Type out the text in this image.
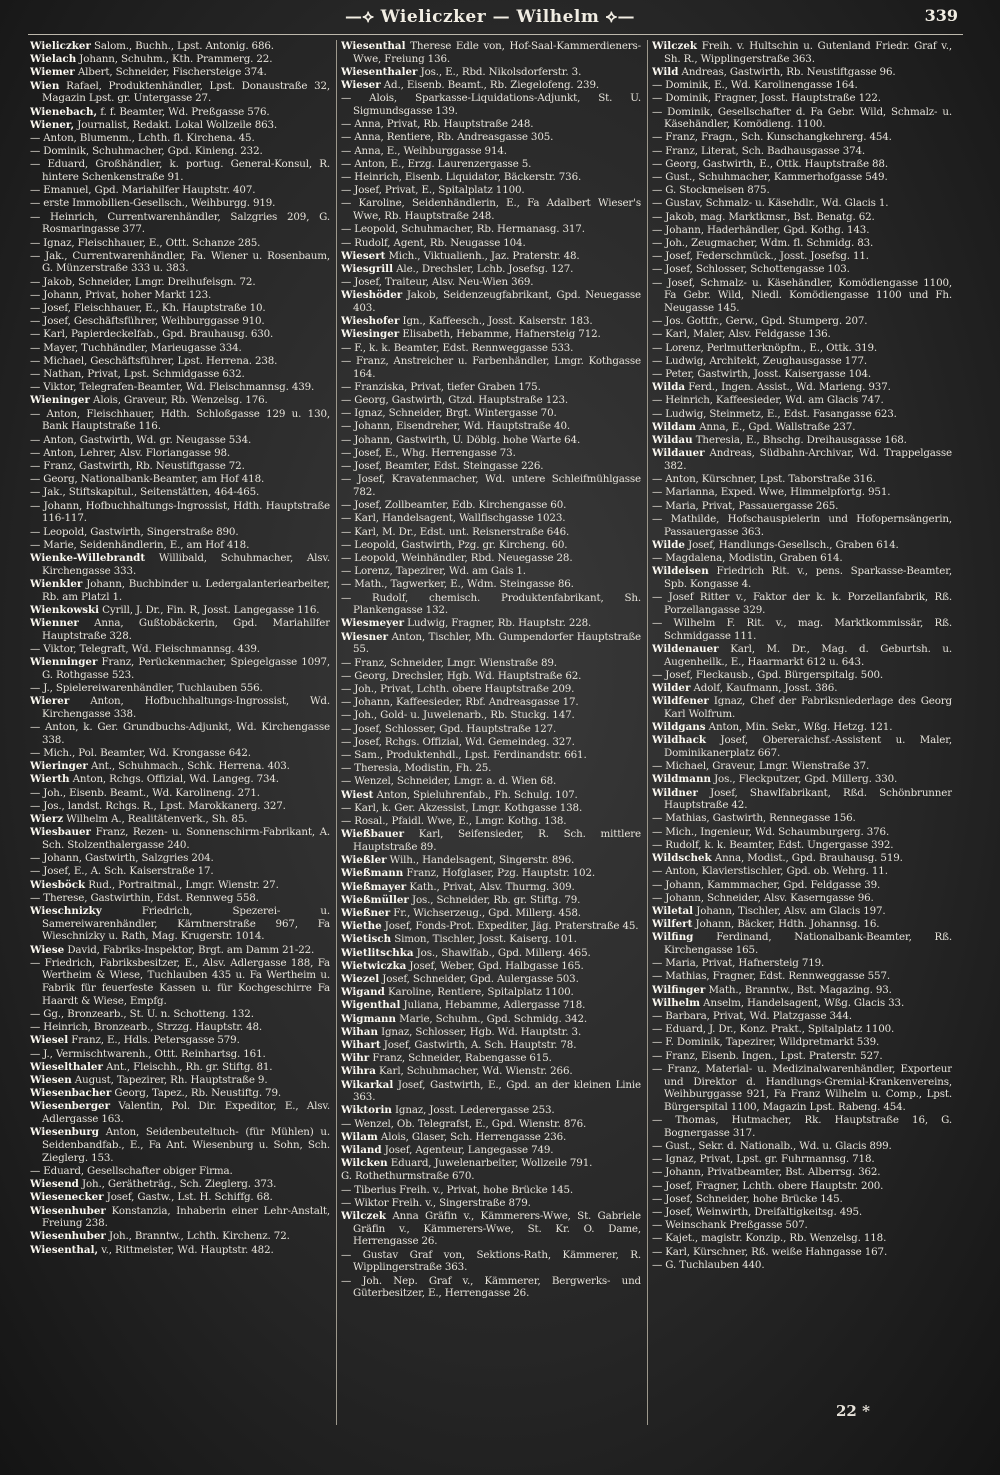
—⟡ Wieliczker — Wilhelm ⟡—	339
Wieliczker Salom., Buchh., Lpst. Antonig. 686.
Wielach Johann, Schuhm., Kth. Prammerg. 22.
Wiemer Albert, Schneider, Fischersteige 374.
Wien Rafael, Produktenhändler, Lpst. Donaustraße 32, Magazin Lpst. gr. Untergasse 27.
Wienebach, f. f. Beamter, Wd. Preßgasse 576.
Wiener, Journalist, Redakt. Lokal Wollzeile 863.
— Anton, Blumenm., Lchth. fl. Kirchena. 45.
— Dominik, Schuhmacher, Gpd. Kinieng. 232.
— Eduard, Großhändler, k. portug. General-Konsul, R. hintere Schenkenstraße 91.
— Emanuel, Gpd. Mariahilfer Hauptstr. 407.
— erste Immobilien-Gesellsch., Weihburgg. 919.
— Heinrich, Currentwarenhändler, Salzgries 209, G. Rosmaringasse 377.
— Ignaz, Fleischhauer, E., Ottt. Schanze 285.
— Jak., Currentwarenhändler, Fa. Wiener u. Rosenbaum, G. Münzerstraße 333 u. 383.
— Jakob, Schneider, Lmgr. Dreihufeisgn. 72.
— Johann, Privat, hoher Markt 123.
— Josef, Fleischhauer, E., Kh. Hauptstraße 10.
— Josef, Geschäftsführer, Weihburggasse 910.
— Karl, Papierdeckelfab., Gpd. Brauhausg. 630.
— Mayer, Tuchhändler, Marieugasse 334.
— Michael, Geschäftsführer, Lpst. Herrena. 238.
— Nathan, Privat, Lpst. Schmidgasse 632.
— Viktor, Telegrafen-Beamter, Wd. Fleischmannsg. 439.
Wieninger Alois, Graveur, Rb. Wenzelsg. 176.
— Anton, Fleischhauer, Hdth. Schloßgasse 129 u. 130, Bank Hauptstraße 116.
— Anton, Gastwirth, Wd. gr. Neugasse 534.
— Anton, Lehrer, Alsv. Floriangasse 98.
— Franz, Gastwirth, Rb. Neustiftgasse 72.
— Georg, Nationalbank-Beamter, am Hof 418.
— Jak., Stiftskapitul., Seitenstätten, 464-465.
— Johann, Hofbuchhaltungs-Ingrossist, Hdth. Hauptstraße 116-117.
— Leopold, Gastwirth, Singerstraße 890.
— Marie, Seidenhändlerin, E., am Hof 418.
Wienke-Willebrandt Willibald, Schuhmacher, Alsv. Kirchengasse 333.
Wienkler Johann, Buchbinder u. Ledergalanteriearbeiter, Rb. am Platzl 1.
Wienkowski Cyrill, J. Dr., Fin. R, Josst. Langegasse 116.
Wienner Anna, Gußtobäckerin, Gpd. Mariahilfer Hauptstraße 328.
— Viktor, Telegraft, Wd. Fleischmannsg. 439.
Wienninger Franz, Perückenmacher, Spiegelgasse 1097, G. Rothgasse 523.
— J., Spielereiwarenhändler, Tuchlauben 556.
Wierer Anton, Hofbuchhaltungs-Ingrossist, Wd. Kirchengasse 338.
— Anton, k. Ger. Grundbuchs-Adjunkt, Wd. Kirchengasse 338.
— Mich., Pol. Beamter, Wd. Krongasse 642.
Wieringer Ant., Schuhmach., Schk. Herrena. 403.
Wierth Anton, Rchgs. Offizial, Wd. Langeg. 734.
— Joh., Eisenb. Beamt., Wd. Karolineng. 271.
— Jos., landst. Rchgs. R., Lpst. Marokkanerg. 327.
Wierz Wilhelm A., Realitätenverk., Sh. 85.
Wiesbauer Franz, Rezen- u. Sonnenschirm-Fabrikant, A. Sch. Stolzenthalergasse 240.
— Johann, Gastwirth, Salzgries 204.
— Josef, E., A. Sch. Kaiserstraße 17.
Wiesböck Rud., Portraitmal., Lmgr. Wienstr. 27.
— Therese, Gastwirthin, Edst. Rennweg 558.
Wieschnizky Friedrich, Spezerei- u. Samereiwarenhändler, Kärntnerstraße 967, Fa Wieschnizky u. Rath, Mag. Krugerstr. 1014.
Wiese David, Fabriks-Inspektor, Brgt. am Damm 21-22.
— Friedrich, Fabriksbesitzer, E., Alsv. Adlergasse 188, Fa Wertheim & Wiese, Tuchlauben 435 u. Fa Wertheim u. Fabrik für feuerfeste Kassen u. für Kochgeschirre Fa Haardt & Wiese, Empfg.
— Gg., Bronzearb., St. U. n. Schotteng. 132.
— Heinrich, Bronzearb., Strzzg. Hauptstr. 48.
Wiesel Franz, E., Hdls. Petersgasse 579.
— J., Vermischtwarenh., Ottt. Reinhartsg. 161.
Wieselthaler Ant., Fleischh., Rh. gr. Stiftg. 81.
Wiesen August, Tapezirer, Rh. Hauptstraße 9.
Wiesenbacher Georg, Tapez., Rb. Neustiftg. 79.
Wiesenberger Valentin, Pol. Dir. Expeditor, E., Alsv. Adlergasse 163.
Wiesenburg Anton, Seidenbeuteltuch- (für Mühlen) u. Seidenbandfab., E., Fa Ant. Wiesenburg u. Sohn, Sch. Zieglerg. 153.
— Eduard, Gesellschafter obiger Firma.
Wiesend Joh., Gerätheträg., Sch. Zieglerg. 373.
Wiesenecker Josef, Gastw., Lst. H. Schiffg. 68.
Wiesenhuber Konstanzia, Inhaberin einer Lehr-Anstalt, Freiung 238.
Wiesenhuber Joh., Branntw., Lchth. Kirchenz. 72.
Wiesenthal, v., Rittmeister, Wd. Hauptstr. 482.
Wiesenthal Therese Edle von, Hof-Saal-Kammerdieners-Wwe, Freiung 136.
Wiesenthaler Jos., E., Rbd. Nikolsdorferstr. 3.
Wieser Ad., Eisenb. Beamt., Rb. Ziegelofeng. 239.
— Alois, Sparkasse-Liquidations-Adjunkt, St. U. Sigmundsgasse 139.
— Anna, Privat, Rb. Hauptstraße 248.
— Anna, Rentiere, Rb. Andreasgasse 305.
— Anna, E., Weihburggasse 914.
— Anton, E., Erzg. Laurenzergasse 5.
— Heinrich, Eisenb. Liquidator, Bäckerstr. 736.
— Josef, Privat, E., Spitalplatz 1100.
— Karoline, Seidenhändlerin, E., Fa Adalbert Wieser's Wwe, Rb. Hauptstraße 248.
— Leopold, Schuhmacher, Rb. Hermanasg. 317.
— Rudolf, Agent, Rb. Neugasse 104.
Wiesert Mich., Viktualienh., Jaz. Praterstr. 48.
Wiesgrill Ale., Drechsler, Lchb. Josefsg. 127.
— Josef, Traiteur, Alsv. Neu-Wien 369.
Wieshöder Jakob, Seidenzeugfabrikant, Gpd. Neuegasse 403.
Wieshofer Ign., Kaffeesch., Josst. Kaiserstr. 183.
Wiesinger Elisabeth, Hebamme, Hafnersteig 712.
— F., k. k. Beamter, Edst. Rennweggasse 533.
— Franz, Anstreicher u. Farbenhändler, Lmgr. Kothgasse 164.
— Franziska, Privat, tiefer Graben 175.
— Georg, Gastwirth, Gtzd. Hauptstraße 123.
— Ignaz, Schneider, Brgt. Wintergasse 70.
— Johann, Eisendreher, Wd. Hauptstraße 40.
— Johann, Gastwirth, U. Döblg. hohe Warte 64.
— Josef, E., Whg. Herrengasse 73.
— Josef, Beamter, Edst. Steingasse 226.
— Josef, Kravatenmacher, Wd. untere Schleifmühlgasse 782.
— Josef, Zollbeamter, Edb. Kirchengasse 60.
— Karl, Handelsagent, Wallfischgasse 1023.
— Karl, M. Dr., Edst. unt. Reisnerstraße 646.
— Leopold, Gastwirth, Pzg. gr. Kircheng. 60.
— Leopold, Weinhändler, Rbd. Neuegasse 28.
— Lorenz, Tapezirer, Wd. am Gais 1.
— Math., Tagwerker, E., Wdm. Steingasse 86.
— Rudolf, chemisch. Produktenfabrikant, Sh. Plankengasse 132.
Wiesmeyer Ludwig, Fragner, Rb. Hauptstr. 228.
Wiesner Anton, Tischler, Mh. Gumpendorfer Hauptstraße 55.
— Franz, Schneider, Lmgr. Wienstraße 89.
— Georg, Drechsler, Hgb. Wd. Hauptstraße 62.
— Joh., Privat, Lchth. obere Hauptstraße 209.
— Johann, Kaffeesieder, Rbf. Andreasgasse 17.
— Joh., Gold- u. Juwelenarb., Rb. Stuckg. 147.
— Josef, Schlosser, Gpd. Hauptstraße 127.
— Josef, Rchgs. Offizial, Wd. Gemeindeg. 327.
— Sam., Produktenhdl., Lpst. Ferdinandstr. 661.
— Theresia, Modistin, Fh. 25.
— Wenzel, Schneider, Lmgr. a. d. Wien 68.
Wiest Anton, Spieluhrenfab., Fh. Schulg. 107.
— Karl, k. Ger. Akzessist, Lmgr. Kothgasse 138.
— Rosal., Pfaidl. Wwe, E., Lmgr. Kothg. 138.
Wießbauer Karl, Seifensieder, R. Sch. mittlere Hauptstraße 89.
Wießler Wilh., Handelsagent, Singerstr. 896.
Wießmann Franz, Hofglaser, Pzg. Hauptstr. 102.
Wießmayer Kath., Privat, Alsv. Thurmg. 309.
Wießmüller Jos., Schneider, Rb. gr. Stiftg. 79.
Wießner Fr., Wichserzeug., Gpd. Millerg. 458.
Wiethe Josef, Fonds-Prot. Expediter, Jäg. Praterstraße 45.
Wietisch Simon, Tischler, Josst. Kaiserg. 101.
Wietlitschka Jos., Shawlfab., Gpd. Millerg. 465.
Wietwiczka Josef, Weber, Gpd. Halbgasse 165.
Wiezel Josef, Schneider, Gpd. Aulergasse 503.
Wigand Karoline, Rentiere, Spitalplatz 1100.
Wigenthal Juliana, Hebamme, Adlergasse 718.
Wigmann Marie, Schuhm., Gpd. Schmidg. 342.
Wihan Ignaz, Schlosser, Hgb. Wd. Hauptstr. 3.
Wihart Josef, Gastwirth, A. Sch. Hauptstr. 78.
Wihr Franz, Schneider, Rabengasse 615.
Wihra Karl, Schuhmacher, Wd. Wienstr. 266.
Wikarkal Josef, Gastwirth, E., Gpd. an der kleinen Linie 363.
Wiktorin Ignaz, Josst. Lederergasse 253.
— Wenzel, Ob. Telegrafst, E., Gpd. Wienstr. 876.
Wilam Alois, Glaser, Sch. Herrengasse 236.
Wiland Josef, Agenteur, Langegasse 749.
Wilcken Eduard, Juwelenarbeiter, Wollzeile 791.
G. Rothethurmstraße 670.
— Tiberius Freih. v., Privat, hohe Brücke 145.
— Wiktor Freih. v., Singerstraße 879.
Wilczek Anna Gräfin v., Kämmerers-Wwe, St. Gabriele Gräfin v., Kämmerers-Wwe, St. Kr. O. Dame, Herrengasse 26.
— Gustav Graf von, Sektions-Rath, Kämmerer, R. Wipplingerstraße 363.
— Joh. Nep. Graf v., Kämmerer, Bergwerks- und Güterbesitzer, E., Herrengasse 26.
Wilczek Freih. v. Hultschin u. Gutenland Friedr. Graf v., Sh. R., Wipplingerstraße 363.
Wild Andreas, Gastwirth, Rb. Neustiftgasse 96.
— Dominik, E., Wd. Karolinengasse 164.
— Dominik, Fragner, Josst. Hauptstraße 122.
— Dominik, Gesellschafter d. Fa Gebr. Wild, Schmalz- u. Käsehändler, Komödieng. 1100.
— Franz, Fragn., Sch. Kunschangkehrerg. 454.
— Franz, Literat, Sch. Badhausgasse 374.
— Georg, Gastwirth, E., Ottk. Hauptstraße 88.
— Gust., Schuhmacher, Kammerhofgasse 549.
— G. Stockmeisen 875.
— Gustav, Schmalz- u. Käsehdlr., Wd. Glacis 1.
— Jakob, mag. Marktkmsr., Bst. Benatg. 62.
— Johann, Haderhändler, Gpd. Kothg. 143.
— Joh., Zeugmacher, Wdm. fl. Schmidg. 83.
— Josef, Federschmück., Josst. Josefsg. 11.
— Josef, Schlosser, Schottengasse 103.
— Josef, Schmalz- u. Käsehändler, Komödiengasse 1100, Fa Gebr. Wild, Niedl. Komödiengasse 1100 und Fh. Neugasse 145.
— Jos. Gottfr., Gerw., Gpd. Stumperg. 207.
— Karl, Maler, Alsv. Feldgasse 136.
— Lorenz, Perlmutterknöpfm., E., Ottk. 319.
— Ludwig, Architekt, Zeughausgasse 177.
— Peter, Gastwirth, Josst. Kaisergasse 104.
Wilda Ferd., Ingen. Assist., Wd. Marieng. 937.
— Heinrich, Kaffeesieder, Wd. am Glacis 747.
— Ludwig, Steinmetz, E., Edst. Fasangasse 623.
Wildam Anna, E., Gpd. Wallstraße 237.
Wildau Theresia, E., Bhschg. Dreihausgasse 168.
Wildauer Andreas, Südbahn-Archivar, Wd. Trappelgasse 382.
— Anton, Kürschner, Lpst. Taborstraße 316.
— Marianna, Exped. Wwe, Himmelpfortg. 951.
— Maria, Privat, Passauergasse 265.
— Mathilde, Hofschauspielerin und Hofopernsängerin, Passauergasse 363.
Wilde Josef, Handlungs-Gesellsch., Graben 614.
— Magdalena, Modistin, Graben 614.
Wildeisen Friedrich Rit. v., pens. Sparkasse-Beamter, Spb. Kongasse 4.
— Josef Ritter v., Faktor der k. k. Porzellanfabrik, Rß. Porzellangasse 329.
— Wilhelm F. Rit. v., mag. Marktkommissär, Rß. Schmidgasse 111.
Wildenauer Karl, M. Dr., Mag. d. Geburtsh. u. Augenheilk., E., Haarmarkt 612 u. 643.
— Josef, Fleckausb., Gpd. Bürgerspitalg. 500.
Wilder Adolf, Kaufmann, Josst. 386.
Wildfener Ignaz, Chef der Fabriksniederlage des Georg Karl Wolfrum.
Wildgans Anton, Min. Sekr., Wßg. Hetzg. 121.
Wildhack Josef, Obereraichsf.-Assistent u. Maler, Dominikanerplatz 667.
— Michael, Graveur, Lmgr. Wienstraße 37.
Wildmann Jos., Fleckputzer, Gpd. Millerg. 330.
Wildner Josef, Shawlfabrikant, Rßd. Schönbrunner Hauptstraße 42.
— Mathias, Gastwirth, Rennegasse 156.
— Mich., Ingenieur, Wd. Schaumburgerg. 376.
— Rudolf, k. k. Beamter, Edst. Ungergasse 392.
Wildschek Anna, Modist., Gpd. Brauhausg. 519.
— Anton, Klavierstischler, Gpd. ob. Wehrg. 11.
— Johann, Kammmacher, Gpd. Feldgasse 39.
— Johann, Schneider, Alsv. Kaserngasse 96.
Wiletal Johann, Tischler, Alsv. am Glacis 197.
Wilfert Johann, Bäcker, Hdth. Johannsg. 16.
Wilfing Ferdinand, Nationalbank-Beamter, Rß. Kirchengasse 165.
— Maria, Privat, Hafnersteig 719.
— Mathias, Fragner, Edst. Rennweggasse 557.
Wilfinger Math., Branntw., Bst. Magazing. 93.
Wilhelm Anselm, Handelsagent, Wßg. Glacis 33.
— Barbara, Privat, Wd. Platzgasse 344.
— Eduard, J. Dr., Konz. Prakt., Spitalplatz 1100.
— F. Dominik, Tapezirer, Wildpretmarkt 539.
— Franz, Eisenb. Ingen., Lpst. Praterstr. 527.
— Franz, Material- u. Medizinalwarenhändler, Exporteur und Direktor d. Handlungs-Gremial-Krankenvereins, Weihburggasse 921, Fa Franz Wilhelm u. Comp., Lpst. Bürgerspital 1100, Magazin Lpst. Rabeng. 454.
— Thomas, Hutmacher, Rk. Hauptstraße 16, G. Bognergasse 317.
— Gust., Sekr. d. Nationalb., Wd. u. Glacis 899.
— Ignaz, Privat, Lpst. gr. Fuhrmannsg. 718.
— Johann, Privatbeamter, Bst. Alberrsg. 362.
— Josef, Fragner, Lchth. obere Hauptstr. 200.
— Josef, Schneider, hohe Brücke 145.
— Josef, Weinwirth, Dreifaltigkeitsg. 495.
— Weinschank Preßgasse 507.
— Kajet., magistr. Konzip., Rb. Wenzelsg. 118.
— Karl, Kürschner, Rß. weiße Hahngasse 167.
— G. Tuchlauben 440.
22 *
